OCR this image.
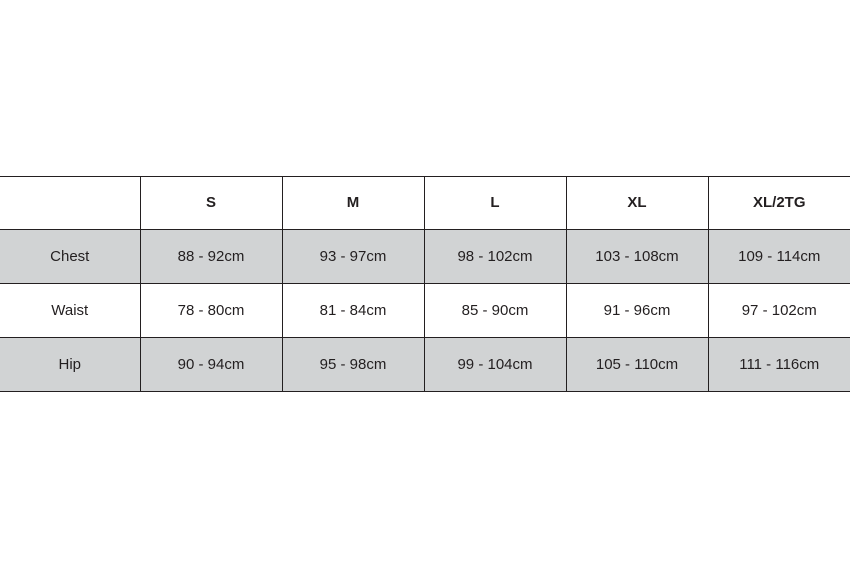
	S	M	L	XL	XL/2TG
Chest	88 - 92cm	93 - 97cm	98 - 102cm	103 - 108cm	109 - 114cm
Waist	78 - 80cm	81 - 84cm	85 - 90cm	91 - 96cm	97 - 102cm
Hip	90 - 94cm	95 - 98cm	99 - 104cm	105 - 110cm	111 - 116cm
